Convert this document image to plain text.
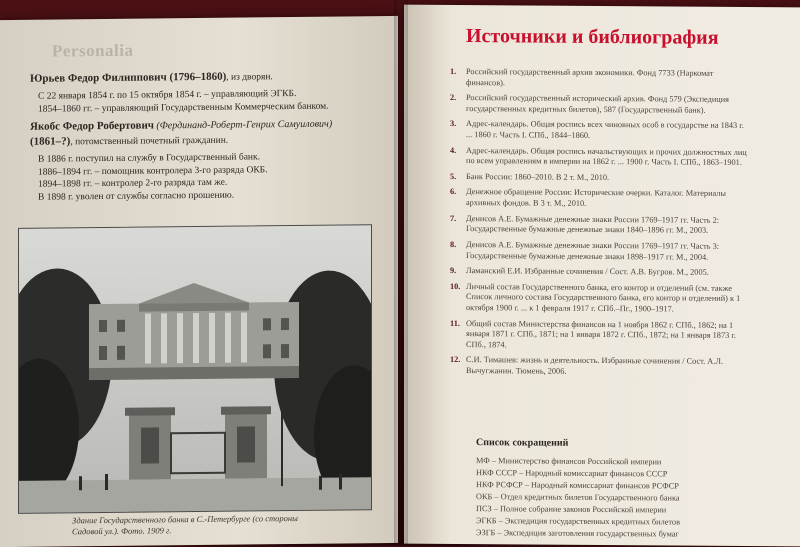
Personalia
Юрьев Федор Филиппович (1796–1860), из дворян.
С 22 января 1854 г. по 15 октября 1854 г. – управляющий ЭГКБ.
1854–1860 гг. – управляющий Государственным Коммерческим банком.
Якобс Федор Робертович (Фердинанд-Роберт-Генрих Самуилович)
(1861–?), потомственный почетный гражданин.
В 1886 г. поступил на службу в Государственный банк.
1886–1894 гг. – помощник контролера 3-го разряда ОКБ.
1894–1898 гг. – контролер 2-го разряда там же.
В 1898 г. уволен от службы согласно прошению.
Здание Государственного банка в С.-Петербурге (со стороны Садовой ул.). Фото. 1909 г.
Источники и библиография
1.	Российский государственный архив экономики. Фонд 7733 (Наркомат финансов).
2.	Российский государственный исторический архив. Фонд 579 (Экспедиция государственных кредитных билетов), 587 (Государственный банк).
3.	Адрес-календарь. Общая роспись всех чиновных особ в государстве на 1843 г. ... 1860 г. Часть I. СПб., 1844–1860.
4.	Адрес-календарь. Общая роспись начальствующих и прочих должностных лиц по всем управлениям в империи на 1862 г. ... 1900 г. Часть I. СПб., 1863–1901.
5.	Банк России: 1860–2010. В 2 т. М., 2010.
6.	Денежное обращение России: Исторические очерки. Каталог. Материалы архивных фондов. В 3 т. М., 2010.
7.	Денисов А.Е. Бумажные денежные знаки России 1769–1917 гг. Часть 2: Государственные бумажные денежные знаки 1840–1896 гг. М., 2003.
8.	Денисов А.Е. Бумажные денежные знаки России 1769–1917 гг. Часть 3: Государственные бумажные денежные знаки 1898–1917 гг. М., 2004.
9.	Ламанский Е.И. Избранные сочинения / Сост. А.В. Бугров. М., 2005.
10. Личный состав Государственного банка, его контор и отделений (см. также Список личного состава Государственного банка, его контор и отделений) к 1 октября 1900 г. ... к 1 февраля 1917 г. СПб.–Пг., 1900–1917.
11. Общий состав Министерства финансов на 1 ноября 1862 г. СПб., 1862; на 1 января 1871 г. СПб., 1871; на 1 января 1872 г. СПб., 1872; на 1 января 1873 г. СПб., 1874.
12. С.И. Тимашев: жизнь и деятельность. Избранные сочинения / Сост. А.Л. Вычугжанин. Тюмень, 2006.
Список сокращений
МФ – Министерство финансов Российской империи
НКФ СССР – Народный комиссариат финансов СССР
НКФ РСФСР – Народный комиссариат финансов РСФСР
ОКБ – Отдел кредитных билетов Государственного банка
ПСЗ – Полное собрание законов Российской империи
ЭГКБ – Экспедиция государственных кредитных билетов
ЭЗГБ – Экспедиция заготовления государственных бумаг
